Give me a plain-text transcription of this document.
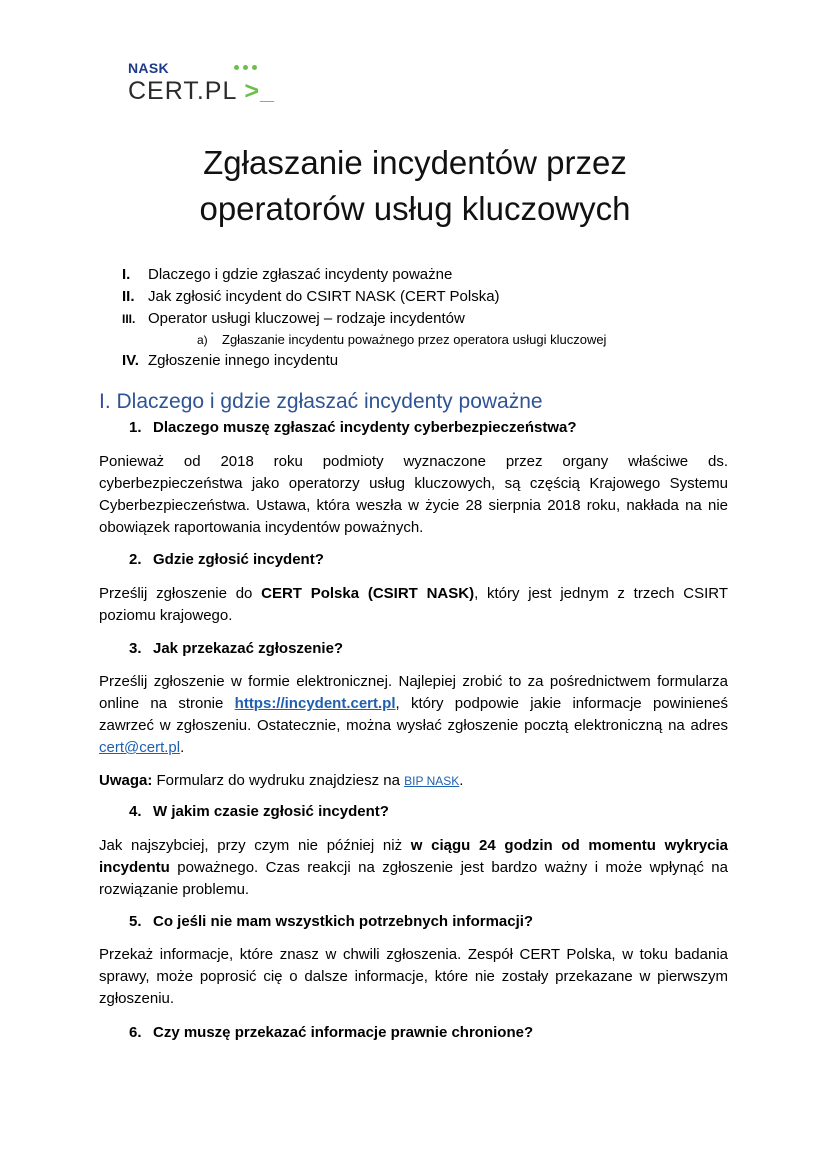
NASK
CERT.PL >_
Zgłaszanie incydentów przez
operatorów usług kluczowych
I. Dlaczego i gdzie zgłaszać incydenty poważne
II. Jak zgłosić incydent do CSIRT NASK (CERT Polska)
III. Operator usługi kluczowej – rodzaje incydentów
a) Zgłaszanie incydentu poważnego przez operatora usługi kluczowej
IV. Zgłoszenie innego incydentu
I. Dlaczego i gdzie zgłaszać incydenty poważne
1. Dlaczego muszę zgłaszać incydenty cyberbezpieczeństwa?
Ponieważ od 2018 roku podmioty wyznaczone przez organy właściwe ds. cyberbezpieczeństwa jako operatorzy usług kluczowych, są częścią Krajowego Systemu Cyberbezpieczeństwa. Ustawa, która weszła w życie 28 sierpnia 2018 roku, nakłada na nie obowiązek raportowania incydentów poważnych.
2. Gdzie zgłosić incydent?
Prześlij zgłoszenie do CERT Polska (CSIRT NASK), który jest jednym z trzech CSIRT poziomu krajowego.
3. Jak przekazać zgłoszenie?
Prześlij zgłoszenie w formie elektronicznej. Najlepiej zrobić to za pośrednictwem formularza online na stronie https://incydent.cert.pl, który podpowie jakie informacje powinieneś zawrzeć w zgłoszeniu. Ostatecznie, można wysłać zgłoszenie pocztą elektroniczną na adres cert@cert.pl.
Uwaga: Formularz do wydruku znajdziesz na BIP NASK.
4. W jakim czasie zgłosić incydent?
Jak najszybciej, przy czym nie później niż w ciągu 24 godzin od momentu wykrycia incydentu poważnego. Czas reakcji na zgłoszenie jest bardzo ważny i może wpłynąć na rozwiązanie problemu.
5. Co jeśli nie mam wszystkich potrzebnych informacji?
Przekaż informacje, które znasz w chwili zgłoszenia. Zespół CERT Polska, w toku badania sprawy, może poprosić cię o dalsze informacje, które nie zostały przekazane w pierwszym zgłoszeniu.
6. Czy muszę przekazać informacje prawnie chronione?
